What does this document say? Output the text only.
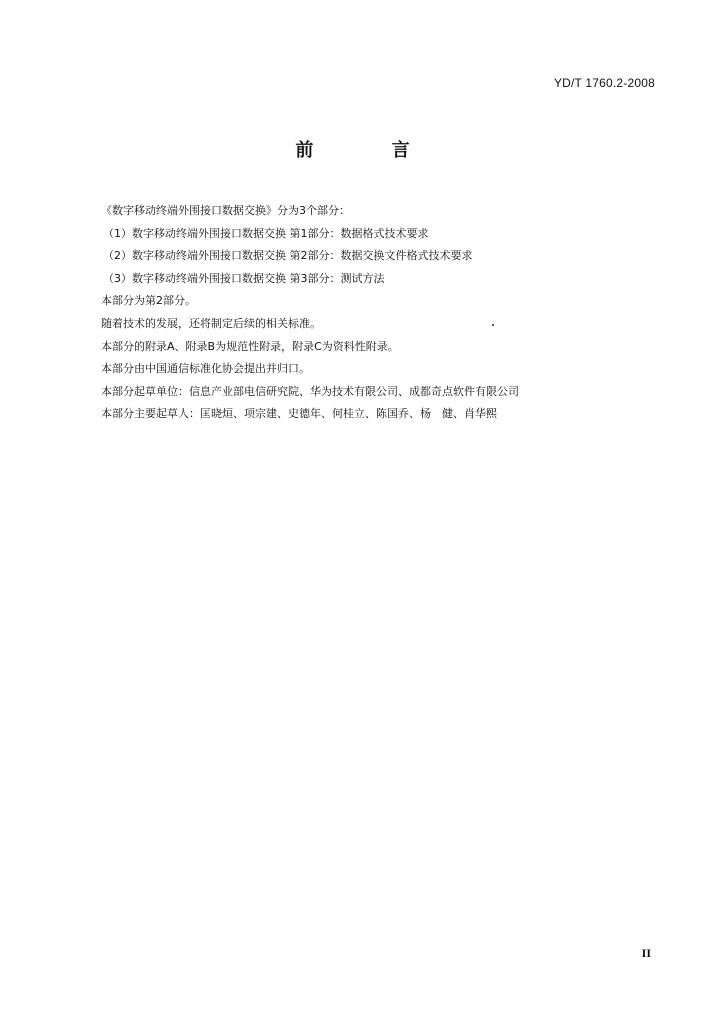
YD/T 1760.2-2008
前 言
《数字移动终端外围接口数据交换》分为3个部分：
（1）数字移动终端外围接口数据交换 第1部分：数据格式技术要求
（2）数字移动终端外围接口数据交换 第2部分：数据交换文件格式技术要求
（3）数字移动终端外围接口数据交换 第3部分：测试方法
本部分为第2部分。
随着技术的发展，还将制定后续的相关标准。
本部分的附录A、附录B为规范性附录，附录C为资料性附录。
本部分由中国通信标准化协会提出并归口。
本部分起草单位：信息产业部电信研究院、华为技术有限公司、成都奇点软件有限公司
本部分主要起草人：匡晓烜、项宗建、史德年、何桂立、陈国乔、杨　健、肖华熙
II
